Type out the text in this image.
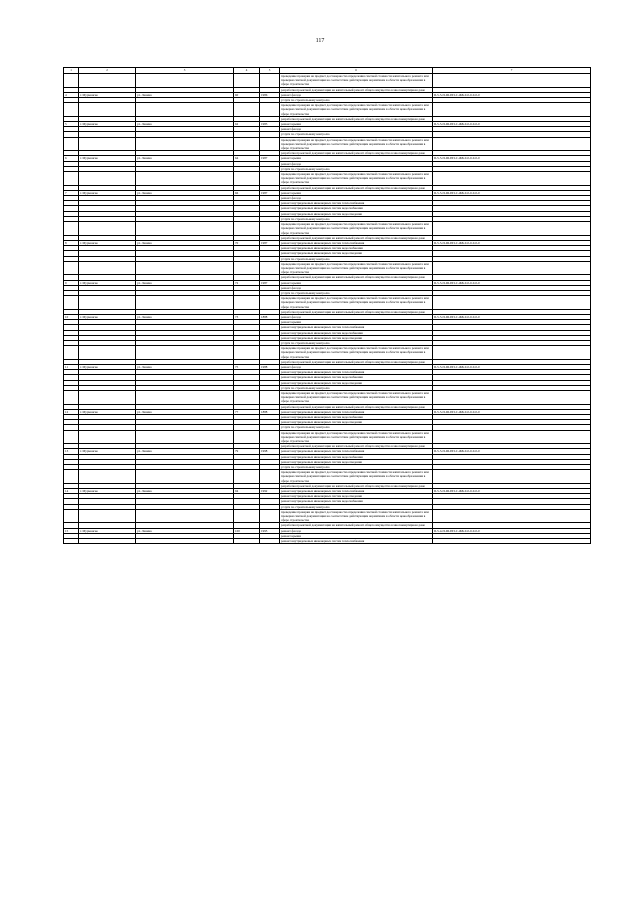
117
1	2	3	4	5	6	7
					проведение проверки на предмет достоверности определения сметной стоимости капитального ремонта или проверки сметной документации на соответствие действующим нормативам в области ценообразования в сфере строительства	
					разработка проектной документации на капитальный ремонт общего имущества в многоквартирном доме	
4	г. Мурманско	ул. Ленина	60	1986	ремонт фасада	II-5-5-П-Ш-ПП-С-ЖБ-0-0-0-0-0-0
					услуги по строительному контролю	
					проведение проверки на предмет достоверности определения сметной стоимости капитального ремонта или проверки сметной документации на соответствие действующим нормативам в области ценообразования в сфере строительства	
					разработка проектной документации на капитальный ремонт общего имущества в многоквартирном доме	
5	г. Мурманско	ул. Ленина	62	1983	ремонт крыши	II-5-5-П-Ш-ПП-С-ЖБ-0-0-0-0-0-0
					ремонт фасада	
					услуги по строительному контролю	
					проведение проверки на предмет достоверности определения сметной стоимости капитального ремонта или проверки сметной документации на соответствие действующим нормативам в области ценообразования в сфере строительства	
					разработка проектной документации на капитальный ремонт общего имущества в многоквартирном доме	
6	г. Мурманско	ул. Ленина	64	1987	ремонт крыши	II-5-5-П-Ш-ПП-С-ЖБ-0-0-0-0-0-0
					ремонт фасада	
					услуги по строительному контролю	
					проведение проверки на предмет достоверности определения сметной стоимости капитального ремонта или проверки сметной документации на соответствие действующим нормативам в области ценообразования в сфере строительства	
					разработка проектной документации на капитальный ремонт общего имущества в многоквартирном доме	
7	г. Мурманско	ул. Ленина	66	1987	ремонт крыши	II-5-5-П-Ш-ПП-С-ЖБ-0-0-0-0-0-0
					ремонт фасада	
					ремонт внутридомовых инженерных систем теплоснабжения	
					ремонт внутридомовых инженерных систем водоснабжения	
					ремонт внутридомовых инженерных систем водоотведения	
					услуги по строительному контролю	
					проведение проверки на предмет достоверности определения сметной стоимости капитального ремонта или проверки сметной документации на соответствие действующим нормативам в области ценообразования в сфере строительства	
					разработка проектной документации на капитальный ремонт общего имущества в многоквартирном доме	
8	г. Мурманско	ул. Ленина	70	1987	ремонт внутридомовых инженерных систем теплоснабжения	II-5-5-П-Ш-ПП-С-ЖБ-0-0-0-0-0-0
					ремонт внутридомовых инженерных систем водоснабжения	
					ремонт внутридомовых инженерных систем водоотведения	
					услуги по строительному контролю	
					проведение проверки на предмет достоверности определения сметной стоимости капитального ремонта или проверки сметной документации на соответствие действующим нормативам в области ценообразования в сфере строительства	
					разработка проектной документации на капитальный ремонт общего имущества в многоквартирном доме	
9	г. Мурманско	ул. Ленина	72	1987	ремонт крыши	II-5-5-П-Ш-ПП-С-ЖБ-0-0-0-0-0-0
					ремонт фасада	
					услуги по строительному контролю	
					проведение проверки на предмет достоверности определения сметной стоимости капитального ремонта или проверки сметной документации на соответствие действующим нормативам в области ценообразования в сфере строительства	
					разработка проектной документации на капитальный ремонт общего имущества в многоквартирном доме	
10	г. Мурманско	ул. Ленина	73	1888	ремонт фасада	II-5-5-П-Ш-ПП-С-ЖБ-0-0-0-0-0-0
					ремонт крыши	
					ремонт внутридомовых инженерных систем теплоснабжения	
					ремонт внутридомовых инженерных систем водоснабжения	
					ремонт внутридомовых инженерных систем водоотведения	
					услуги по строительному контролю	
					проведение проверки на предмет достоверности определения сметной стоимости капитального ремонта или проверки сметной документации на соответствие действующим нормативам в области ценообразования в сфере строительства	
					разработка проектной документации на капитальный ремонт общего имущества в многоквартирном доме	
11	г. Мурманско	ул. Ленина	75	1988	ремонт фасада	II-5-5-П-Ш-ПП-С-ЖБ-0-0-0-0-0-0
					ремонт внутридомовых инженерных систем теплоснабжения	
					ремонт внутридомовых инженерных систем водоснабжения	
					ремонт внутридомовых инженерных систем водоотведения	
					услуги по строительному контролю	
					проведение проверки на предмет достоверности определения сметной стоимости капитального ремонта или проверки сметной документации на соответствие действующим нормативам в области ценообразования в сфере строительства	
					разработка проектной документации на капитальный ремонт общего имущества в многоквартирном доме	
12	г. Мурманско	ул. Ленина	77	1888	ремонт внутридомовых инженерных систем теплоснабжения	II-5-5-П-Ш-ПП-С-ЖБ-0-0-0-0-0-0
					ремонт внутридомовых инженерных систем водоснабжения	
					ремонт внутридомовых инженерных систем водоотведения	
					услуги по строительному контролю	
					проведение проверки на предмет достоверности определения сметной стоимости капитального ремонта или проверки сметной документации на соответствие действующим нормативам в области ценообразования в сфере строительства	
					разработка проектной документации на капитальный ремонт общего имущества в многоквартирном доме	
13	г. Мурманско	ул. Ленина	79	1998	ремонт внутридомовых инженерных систем теплоснабжения	II-5-5-П-Ш-ПП-С-ЖБ-0-0-0-0-0-0
					ремонт внутридомовых инженерных систем водоснабжения	
					ремонт внутридомовых инженерных систем водоотведения	
					услуги по строительному контролю	
					проведение проверки на предмет достоверности определения сметной стоимости капитального ремонта или проверки сметной документации на соответствие действующим нормативам в области ценообразования в сфере строительства	
					разработка проектной документации на капитальный ремонт общего имущества в многоквартирном доме	
14	г. Мурманско	ул. Ленина	94	1992	ремонт внутридомовых инженерных систем теплоснабжения	II-5-5-П-Ш-ПП-С-ЖБ-0-0-0-0-0-0
					ремонт внутридомовых инженерных систем водоотведения	
					ремонт внутридомовых инженерных систем водоснабжения	
					услуги по строительному контролю	
					проведение проверки на предмет достоверности определения сметной стоимости капитального ремонта или проверки сметной документации на соответствие действующим нормативам в области ценообразования в сфере строительства	
					разработка проектной документации на капитальный ремонт общего имущества в многоквартирном доме	
15	г. Мурманско	ул. Ленина	100	1995	ремонт фасада	II-5-4-П-Ш-ПП-С-ЖБ-0-0-0-0-0-0
					ремонт крыши	
					ремонт внутридомовых инженерных систем теплоснабжения	
